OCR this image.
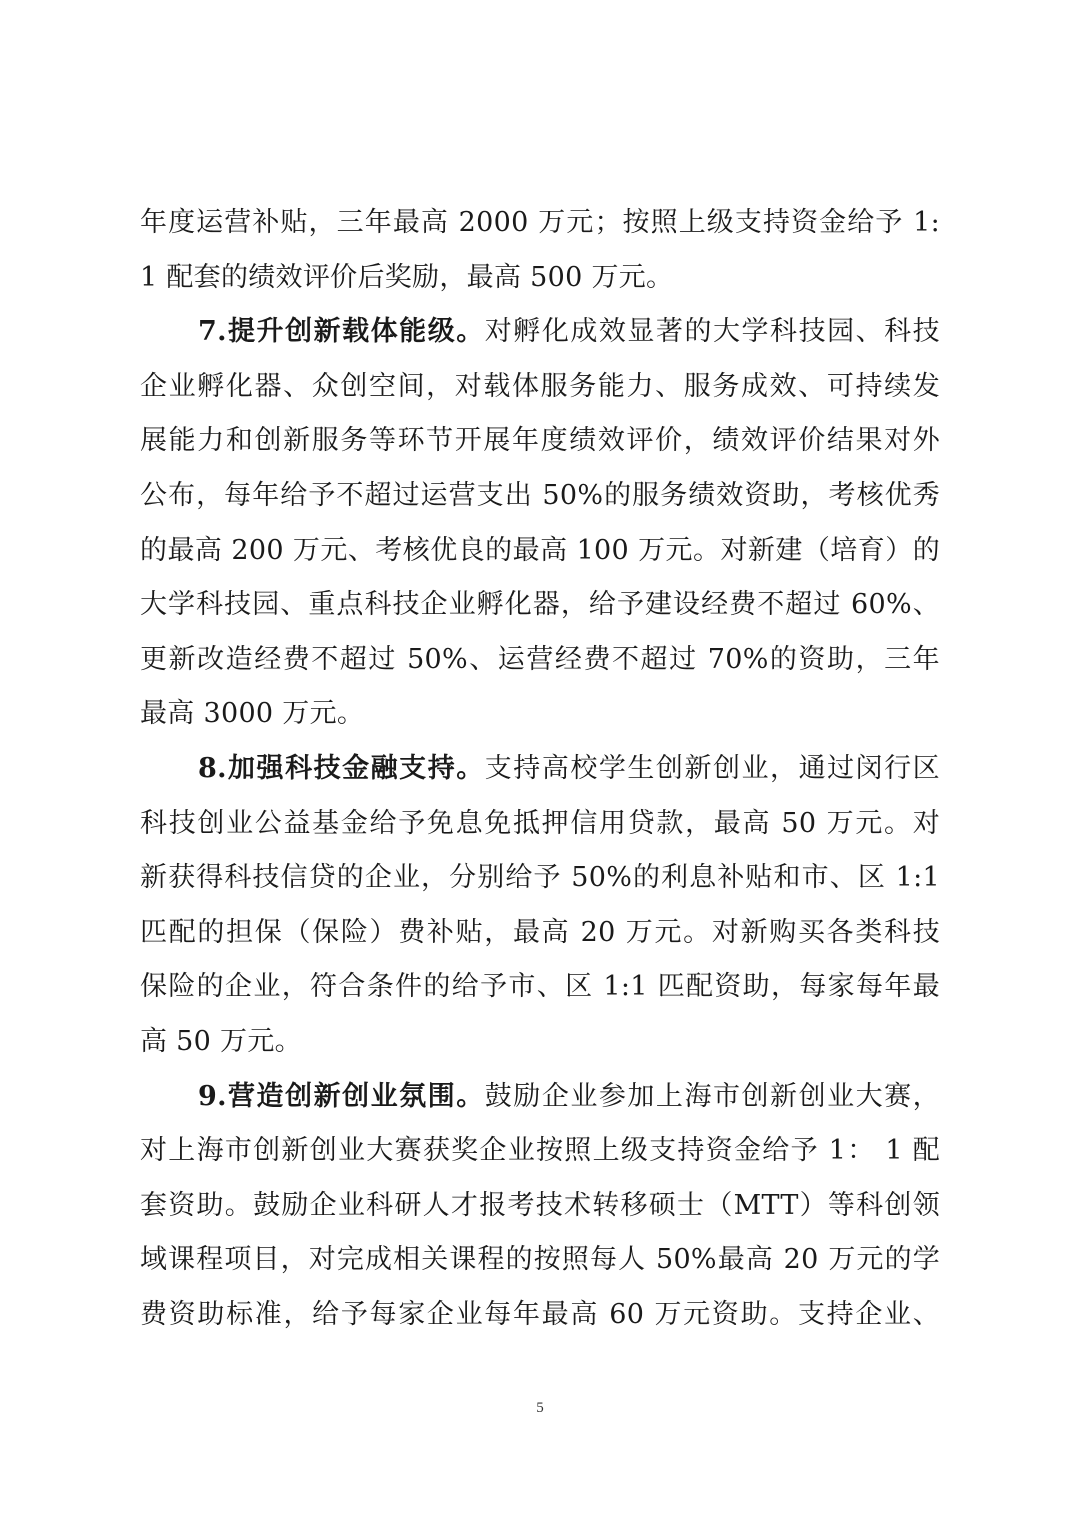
年度运营补贴，三年最高 2000 万元；按照上级支持资金给予 1:
1 配套的绩效评价后奖励，最高 500 万元。
7.提升创新载体能级。对孵化成效显著的大学科技园、科技
企业孵化器、众创空间，对载体服务能力、服务成效、可持续发
展能力和创新服务等环节开展年度绩效评价，绩效评价结果对外
公布，每年给予不超过运营支出 50%的服务绩效资助，考核优秀
的最高 200 万元、考核优良的最高 100 万元。对新建（培育）的
大学科技园、重点科技企业孵化器，给予建设经费不超过 60%、
更新改造经费不超过 50%、运营经费不超过 70%的资助，三年
最高 3000 万元。
8.加强科技金融支持。支持高校学生创新创业，通过闵行区
科技创业公益基金给予免息免抵押信用贷款，最高 50 万元。对
新获得科技信贷的企业，分别给予 50%的利息补贴和市、区 1:1
匹配的担保（保险）费补贴，最高 20 万元。对新购买各类科技
保险的企业，符合条件的给予市、区 1:1 匹配资助，每家每年最
高 50 万元。
9.营造创新创业氛围。鼓励企业参加上海市创新创业大赛，
对上海市创新创业大赛获奖企业按照上级支持资金给予 1： 1 配
套资助。鼓励企业科研人才报考技术转移硕士（MTT）等科创领
域课程项目，对完成相关课程的按照每人 50%最高 20 万元的学
费资助标准，给予每家企业每年最高 60 万元资助。支持企业、
5
